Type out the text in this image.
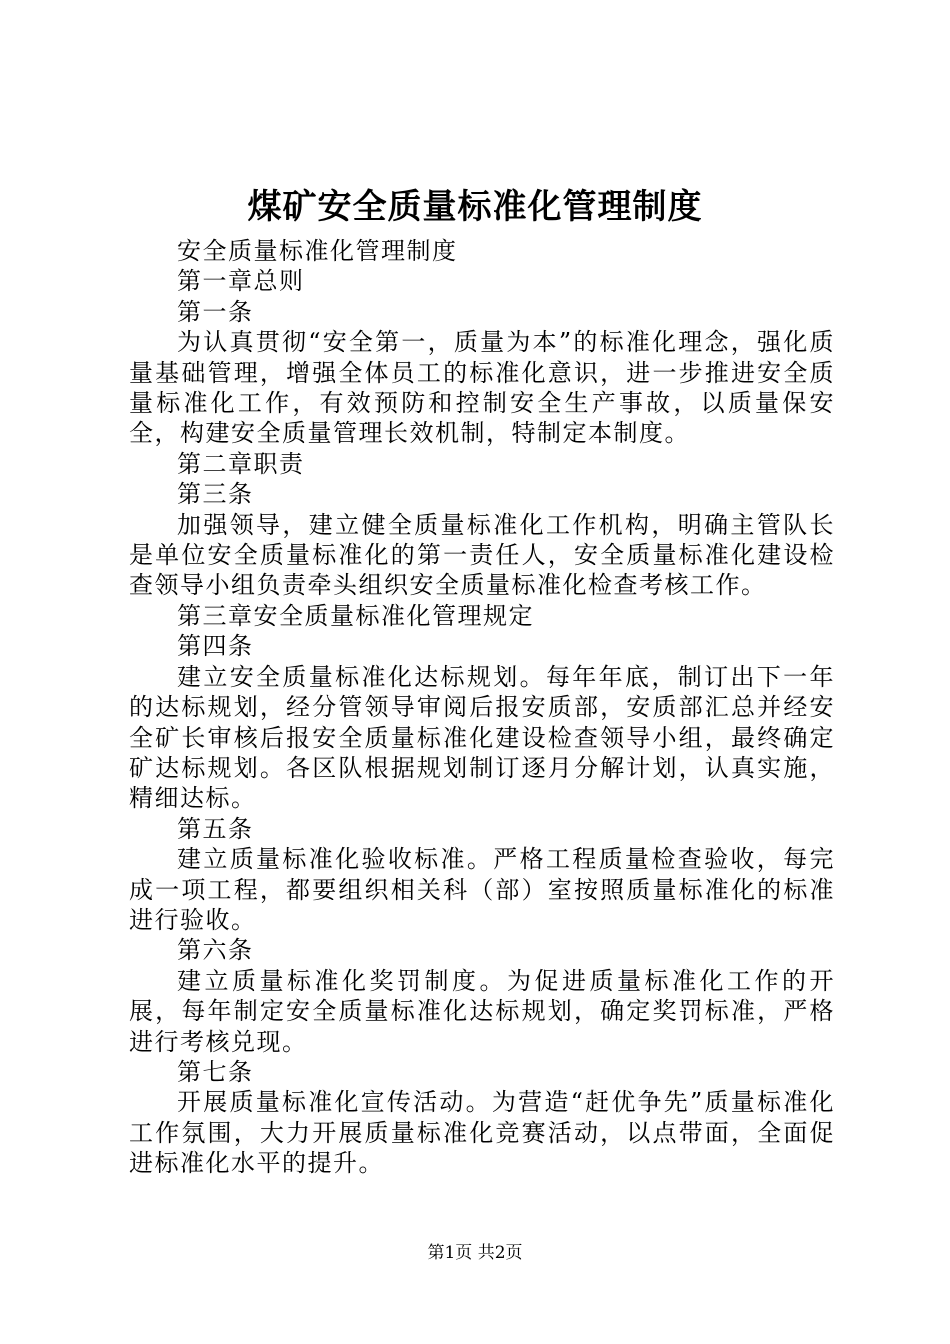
煤矿安全质量标准化管理制度

安全质量标准化管理制度

第一章总则

第一条

为认真贯彻“安全第一，质量为本”的标准化理念，强化质量基础管理，增强全体员工的标准化意识，进一步推进安全质量标准化工作，有效预防和控制安全生产事故，以质量保安全，构建安全质量管理长效机制，特制定本制度。

第二章职责

第三条

加强领导，建立健全质量标准化工作机构，明确主管队长是单位安全质量标准化的第一责任人，安全质量标准化建设检查领导小组负责牵头组织安全质量标准化检查考核工作。

第三章安全质量标准化管理规定

第四条

建立安全质量标准化达标规划。每年年底，制订出下一年的达标规划，经分管领导审阅后报安质部，安质部汇总并经安全矿长审核后报安全质量标准化建设检查领导小组，最终确定矿达标规划。各区队根据规划制订逐月分解计划，认真实施，精细达标。

第五条

建立质量标准化验收标准。严格工程质量检查验收，每完成一项工程，都要组织相关科（部）室按照质量标准化的标准进行验收。

第六条

建立质量标准化奖罚制度。为促进质量标准化工作的开展，每年制定安全质量标准化达标规划，确定奖罚标准，严格进行考核兑现。

第七条

开展质量标准化宣传活动。为营造“赶优争先”质量标准化工作氛围，大力开展质量标准化竞赛活动，以点带面，全面促进标准化水平的提升。

第1页 共2页
